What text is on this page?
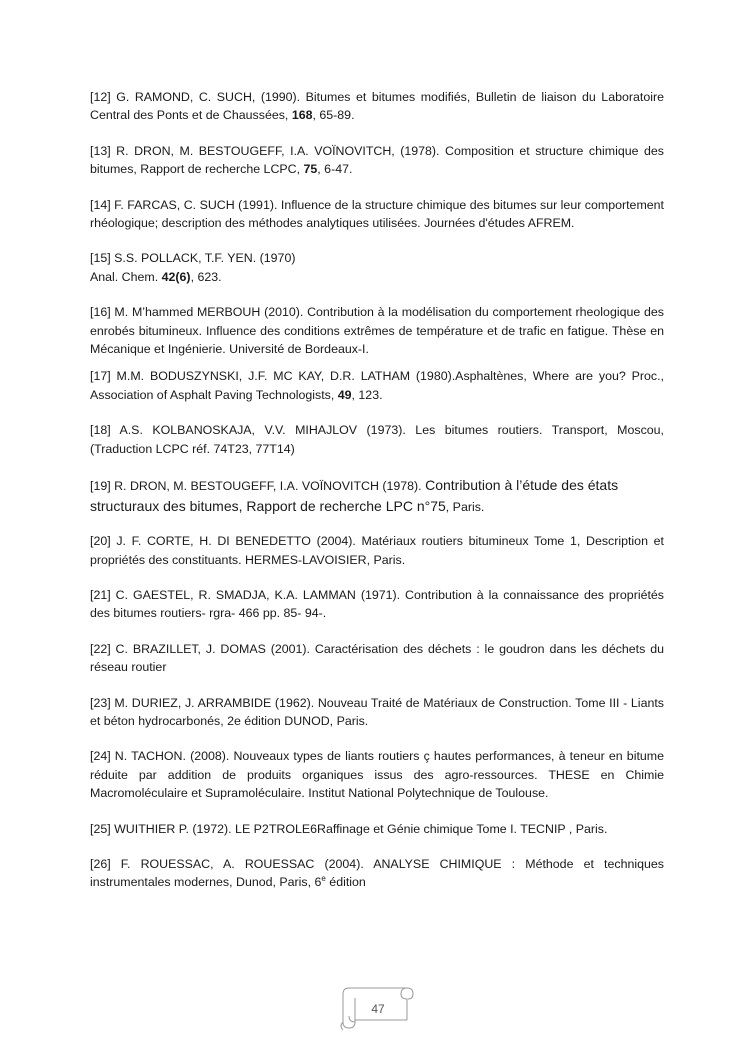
[12] G. RAMOND, C. SUCH, (1990). Bitumes et bitumes modifiés, Bulletin de liaison du Laboratoire Central des Ponts et de Chaussées, 168, 65-89.

[13] R. DRON, M. BESTOUGEFF, I.A. VOÏNOVITCH, (1978). Composition et structure chimique des bitumes, Rapport de recherche LCPC, 75, 6-47.

[14] F. FARCAS, C. SUCH (1991). Influence de la structure chimique des bitumes sur leur comportement rhéologique; description des méthodes analytiques utilisées. Journées d'études AFREM.

[15] S.S. POLLACK, T.F. YEN. (1970)
Anal. Chem. 42(6), 623.

[16] M. M’hammed MERBOUH (2010). Contribution à la modélisation du comportement rheologique des enrobés bitumineux. Influence des conditions extrêmes de température et de trafic en fatigue. Thèse en Mécanique et Ingénierie. Université de Bordeaux-I.

[17] M.M. BODUSZYNSKI, J.F. MC KAY, D.R. LATHAM (1980).Asphaltènes, Where are you? Proc., Association of Asphalt Paving Technologists, 49, 123.

[18] A.S. KOLBANOSKAJA, V.V. MIHAJLOV (1973). Les bitumes routiers. Transport, Moscou, (Traduction LCPC réf. 74T23, 77T14)

[19] R. DRON, M. BESTOUGEFF, I.A. VOÏNOVITCH (1978). Contribution à l’étude des états structuraux des bitumes, Rapport de recherche LPC n°75, Paris.

[20] J. F. CORTE, H. DI BENEDETTO (2004). Matériaux routiers bitumineux Tome 1, Description et propriétés des constituants. HERMES-LAVOISIER, Paris.

[21] C. GAESTEL, R. SMADJA, K.A. LAMMAN (1971). Contribution à la connaissance des propriétés des bitumes routiers- rgra- 466 pp. 85- 94-.

[22] C. BRAZILLET, J. DOMAS (2001). Caractérisation des déchets : le goudron dans les déchets du réseau routier

[23] M. DURIEZ, J. ARRAMBIDE (1962). Nouveau Traité de Matériaux de Construction. Tome III - Liants et béton hydrocarbonés, 2e édition DUNOD, Paris.

[24] N. TACHON. (2008). Nouveaux types de liants routiers ç hautes performances, à teneur en bitume réduite par addition de produits organiques issus des agro-ressources. THESE en Chimie Macromoléculaire et Supramoléculaire. Institut National Polytechnique de Toulouse.

[25] WUITHIER P. (1972). LE P2TROLE6Raffinage et Génie chimique Tome I. TECNIP , Paris.

[26] F. ROUESSAC, A. ROUESSAC (2004). ANALYSE CHIMIQUE : Méthode et techniques instrumentales modernes, Dunod, Paris, 6e édition

47
